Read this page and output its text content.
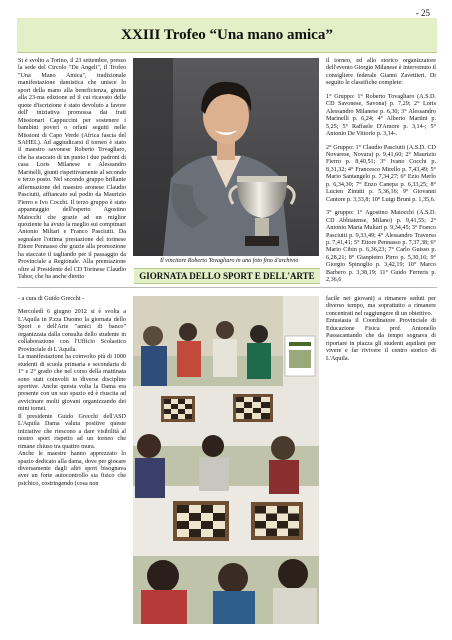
- 25
XXIII Trofeo “Una mano amica”

Si è svolto a Torino, il 23 settembre, presso la sede del Circolo "De Angeli", il Trofeo "Una Mano Amica", tradizionale manifestazione damistica che unisce lo sport della mano alla beneficienza, giunta alla 23-ma edizione ed il cui ricavato delle quote d'iscrizione è stato devoluto a favore dell' iniziativa promossa dai frati Missionari Cappuccini per sostenere i bambini poveri o orfani seguiti nelle Missioni di Capo Verde (Africa fascia del SAHEL). Ad aggiudicarsi il torneo è stato il maestro savonese Roberto Tovagliaro, che ha staccato di un punto i due padroni di casa Loris Milanese e Alessandro Marinelli, giunti rispettivamente al secondo e terzo posto. Nel secondo gruppo brillante affermazione del maestro aronese Claudio Pasciutti, affiancato sul podio da Maurizio Fierro e Ivo Cocchi. Il terzo gruppo è stato appannaggio dell'esperto Agostino Maiocchi che grazie ad un miglior quoziente ha avuto la meglio sui compimari Antonio Miltari e Franco Pasciutti. Da segnalare l'ottima prestazione del torinese Ettore Pennasso che grazie alla promozione ha staccato il tagliando per il passaggio da Provinciale a Regionale. Alla premiazione oltre al Presidente del CD Torinese Claudio Tabor, che ha anche diretto

Il vincitore Roberto Tovagliaro in una foto fino d'archivio

il torneo, ed allo storico organizzatore dell'evento Giorgio Milanese è intervenuto il consigliere federale Gianni Zavettieri. Di seguito le classifiche complete:

1° Gruppo: 1° Roberto Tovagliaro (A.S.D. CD Savonese, Savona) p. 7,29; 2° Loris Alessandro Milanese p. 6,30; 3° Alessandro Marinelli p. 6,24; 4° Alberto Martini p. 5,25; 5° Raffaele D'Amore p. 3,14-; 5° Antonio De Vittorio p. 3,14-.

2° Gruppo: 1° Claudio Pasciutti (A.S.D. CD Novarese, Novara) p. 9,41,60; 2° Maurizio Fierro p. 8,40,51; 3° Ivano Cocchi p. 8,31,32; 4° Francesco Mirello p. 7,43,49; 5° Mario Santangelo p. 7,34,27; 6° Ezio Merlo p. 6,34,30; 7° Enzo Canepa p. 6,33,25; 8° Lucien Zinutti p. 5,36,16; 9° Giovanni Cantore p. 3,33,8; 10° Luigi Bruni p. 1,35,6.

3° gruppo: 1° Agostino Maiocchi (A.S.D. CD Abbiatense, Milano) p. 9,41,55; 2° Antonio Maria Multari p. 9,34,45; 3° Franco Pasciutti p. 9,33,49; 4° Alessandro Traverso p. 7,41,41; 5° Ettore Pennasso p. 7,37,38; 6° Mario Cibin p. 6,36,23; 7° Carlo Guisso p. 6,28,21; 8° Gianpietro Pirro p. 5,30,16; 9° Giorgio Spinoglio p. 3,42,19; 10° Marco Barbero p. 3,38,19; 11° Guido Ferreris p. 2,36,6

GIORNATA DELLO SPORT E DELL'ARTE

- a cura di Guido Grecchi -

Mercoledì 6 giugno 2012 si è svolta a L'Aquila in P.zza Duomo la giornata dello Sport e dell'Arte "amici di banco" organizzata dalla consulta dello studente in collaborazione con l'Ufficio Scolastico Provinciale di L'Aquila.

La manifestazione ha coinvolto più di 1000 studenti di scuola primaria e secondaria di 1° e 2° grado che nel corso della mattinata sono stati coinvolti in diverse discipline sportive. Anche questa volta la Dama era presente con un suo spazio ed è riuscita ad avvicinare molti giovani organizzando dei mini tornei.

Il presidente Guido Grecchi dell'ASD L'Aquila Dama valuta positive queste iniziative che riescono a dare visibilità al nostro sport rispetto ad un torneo che rimane chiuso tra quattro mura.

Anche le maestre hanno apprezzato lo spazio dedicato alla dama, dove per giocare diversamente dagli altri sport bisognava aver un forte autocontrollo sia fisico che psichico, costringendo (cosa non

facile nei giovani) a rimanere seduti per diverso tempo, ma soprattutto a rimanere concentrati nel raggiungere di un obiettivo.

Entusiasta il Coordinatore Provinciale di Educazione Fisica prof. Antonello Passacantando che da tempo sognava di riportare in piazza gli studenti aquilani per vivere e far rivivere il centro storico di L'Aquila.
